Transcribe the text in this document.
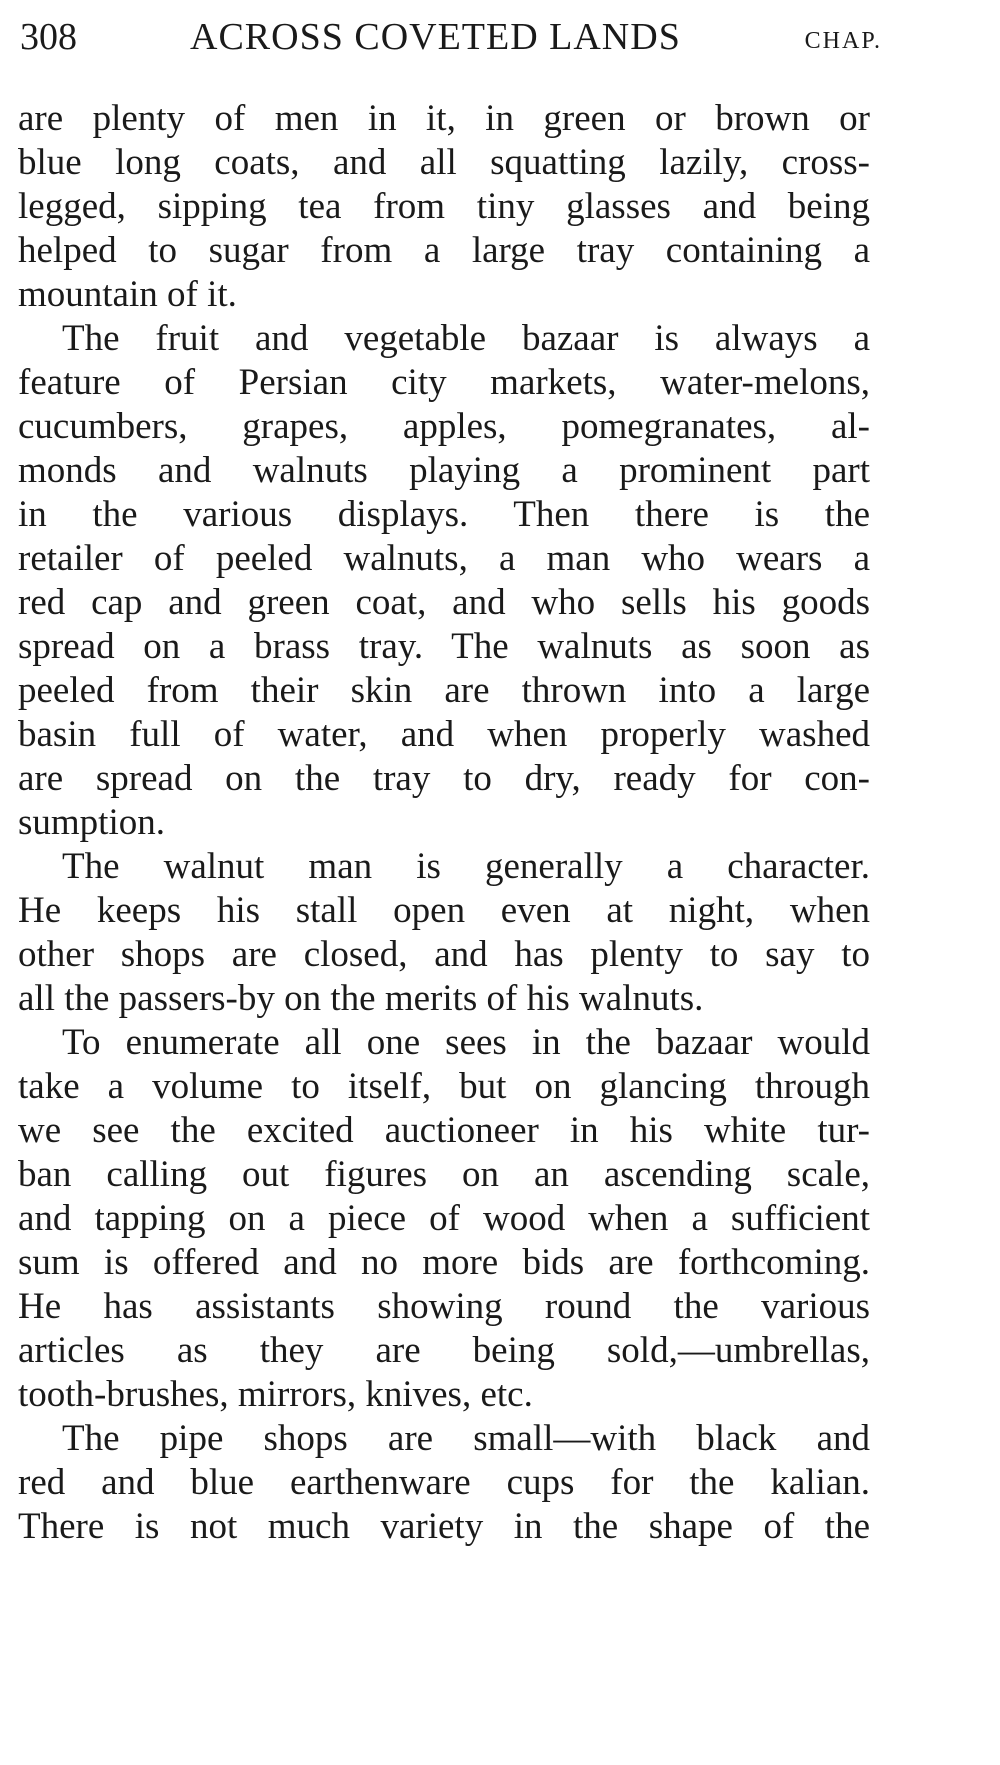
308	ACROSS COVETED LANDS	CHAP.
are plenty of men in it, in green or brown or
blue long coats, and all squatting lazily, cross-
legged, sipping tea from tiny glasses and being
helped to sugar from a large tray containing a
mountain of it.
The fruit and vegetable bazaar is always a
feature of Persian city markets, water-melons,
cucumbers, grapes, apples, pomegranates, al-
monds and walnuts playing a prominent part
in the various displays. Then there is the
retailer of peeled walnuts, a man who wears a
red cap and green coat, and who sells his goods
spread on a brass tray. The walnuts as soon as
peeled from their skin are thrown into a large
basin full of water, and when properly washed
are spread on the tray to dry, ready for con-
sumption.
The walnut man is generally a character.
He keeps his stall open even at night, when
other shops are closed, and has plenty to say to
all the passers-by on the merits of his walnuts.
To enumerate all one sees in the bazaar would
take a volume to itself, but on glancing through
we see the excited auctioneer in his white tur-
ban calling out figures on an ascending scale,
and tapping on a piece of wood when a sufficient
sum is offered and no more bids are forthcoming.
He has assistants showing round the various
articles as they are being sold,—umbrellas,
tooth-brushes, mirrors, knives, etc.
The pipe shops are small—with black and
red and blue earthenware cups for the kalian.
There is not much variety in the shape of the
